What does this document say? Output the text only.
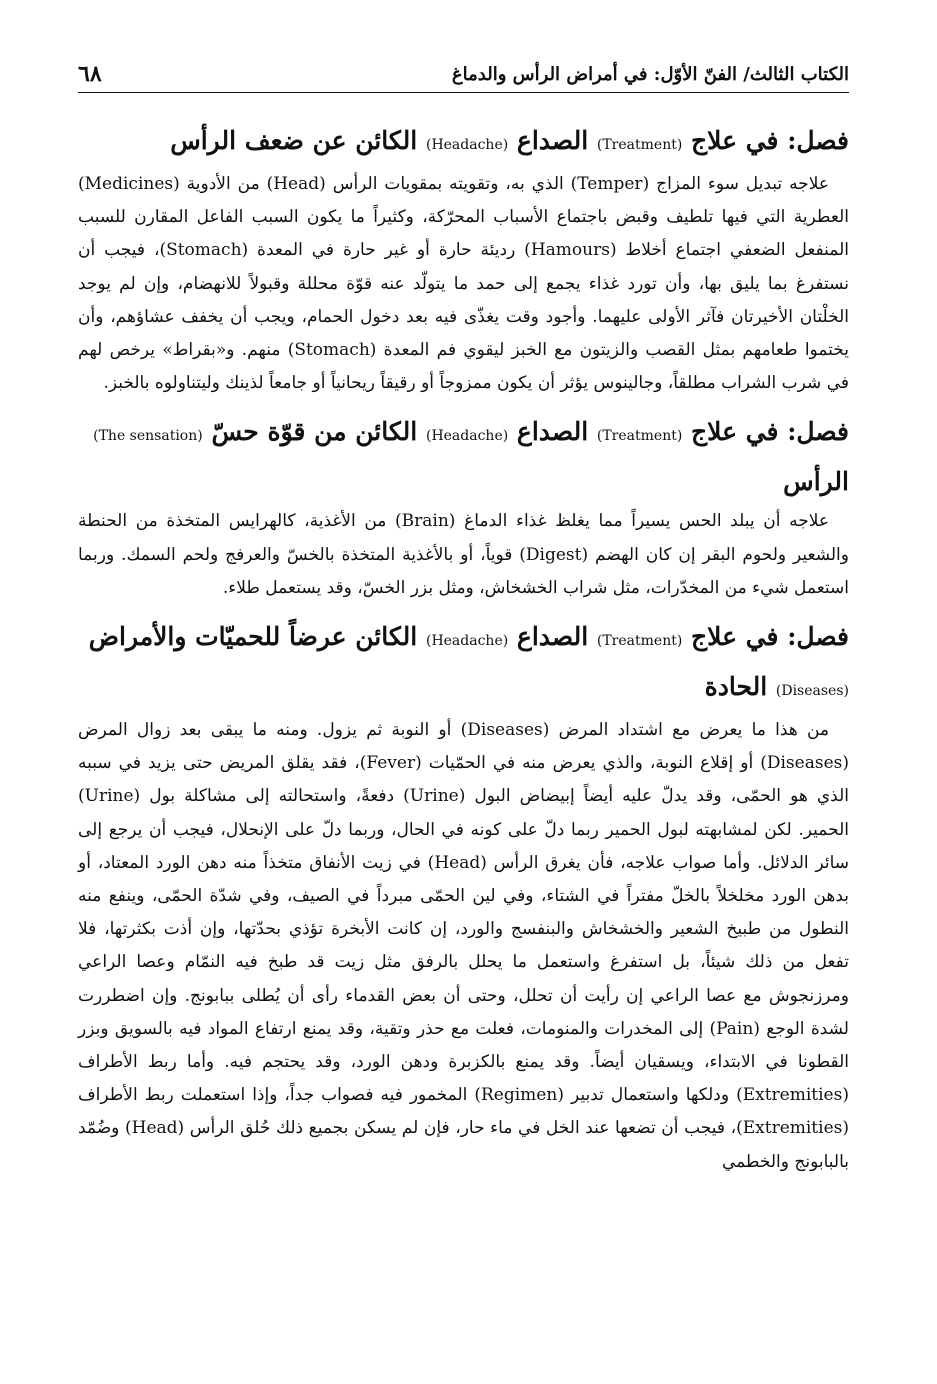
الكتاب الثالث/ الفنّ الأوّل: في أمراض الرأس والدماغ
٦٨
فصل: في علاج (Treatment) الصداع (Headache) الكائن عن ضعف الرأس

علاجه تبديل سوء المزاج (Temper) الذي به، وتقويته بمقويات الرأس (Head) من الأدوية (Medicines) العطرية التي فيها تلطيف وقبض باجتماع الأسباب المحرّكة، وكثيراً ما يكون السبب الفاعل المقارن للسبب المنفعل الضعفي اجتماع أخلاط (Hamours) رديئة حارة أو غير حارة في المعدة (Stomach)، فيجب أن نستفرغ بما يليق بها، وأن تورد غذاء يجمع إلى حمد ما يتولّد عنه قوّة محللة وقبولاً للانهضام، وإن لم يوجد الخلْتان الأخيرتان فآثر الأولى عليهما. وأجود وقت يغذّى فيه بعد دخول الحمام، ويجب أن يخفف عشاؤهم، وأن يختموا طعامهم بمثل القصب والزيتون مع الخبز ليقوي فم المعدة (Stomach) منهم. و«بقراط» يرخص لهم في شرب الشراب مطلقاً، وجالينوس يؤثر أن يكون ممزوجاً أو رقيقاً ريحانياً أو جامعاً لذينك وليتناولوه بالخبز.

فصل: في علاج (Treatment) الصداع (Headache) الكائن من قوّة حسّ (The sensation) الرأس

علاجه أن يبلد الحس يسيراً مما يغلظ غذاء الدماغ (Brain) من الأغذية، كالهرايس المتخذة من الحنطة والشعير ولحوم البقر إن كان الهضم (Digest) قوياً، أو بالأغذية المتخذة بالخسّ والعرفج ولحم السمك. وربما استعمل شيء من المخدّرات، مثل شراب الخشخاش، ومثل بزر الخسّ، وقد يستعمل طلاء.

فصل: في علاج (Treatment) الصداع (Headache) الكائن عرضاً للحميّات والأمراض (Diseases) الحادة

من هذا ما يعرض مع اشتداد المرض (Diseases) أو النوبة ثم يزول. ومنه ما يبقى بعد زوال المرض (Diseases) أو إقلاع النوبة، والذي يعرض منه في الحمّيات (Fever)، فقد يقلق المريض حتى يزيد في سببه الذي هو الحمّى، وقد يدلّ عليه أيضاً إبيضاض البول (Urine) دفعةً، واستحالته إلى مشاكلة بول (Urine) الحمير. لكن لمشابهته لبول الحمير ربما دلّ على كونه في الحال، وربما دلّ على الإنحلال، فيجب أن يرجع إلى سائر الدلائل. وأما صواب علاجه، فأن يغرق الرأس (Head) في زيت الأنفاق متخذاً منه دهن الورد المعتاد، أو بدهن الورد مخلخلاً بالخلّ مفتراً في الشتاء، وفي لين الحمّى مبرداً في الصيف، وفي شدّة الحمّى، وينفع منه النطول من طبيخ الشعير والخشخاش والبنفسج والورد، إن كانت الأبخرة تؤذي بحدّتها، وإن أذت بكثرتها، فلا تفعل من ذلك شيئاً، بل استفرغ واستعمل ما يحلل بالرفق مثل زيت قد طبخ فيه النمّام وعصا الراعي ومرزنجوش مع عصا الراعي إن رأيت أن تحلل، وحتى أن بعض القدماء رأى أن يُطلى ببابونج. وإن اضطررت لشدة الوجع (Pain) إلى المخدرات والمنومات، فعلت مع حذر وتقية، وقد يمنع ارتفاع المواد فيه بالسويق وبزر القطونا في الابتداء، ويسقيان أيضاً. وقد يمنع بالكزبرة ودهن الورد، وقد يحتجم فيه. وأما ربط الأطراف (Extremities) ودلكها واستعمال تدبير (Regimen) المخمور فيه فصواب جداً، وإذا استعملت ربط الأطراف (Extremities)، فيجب أن تضعها عند الخل في ماء حار، فإن لم يسكن بجميع ذلك حُلق الرأس (Head) وضُمّد بالبابونج والخطمي
